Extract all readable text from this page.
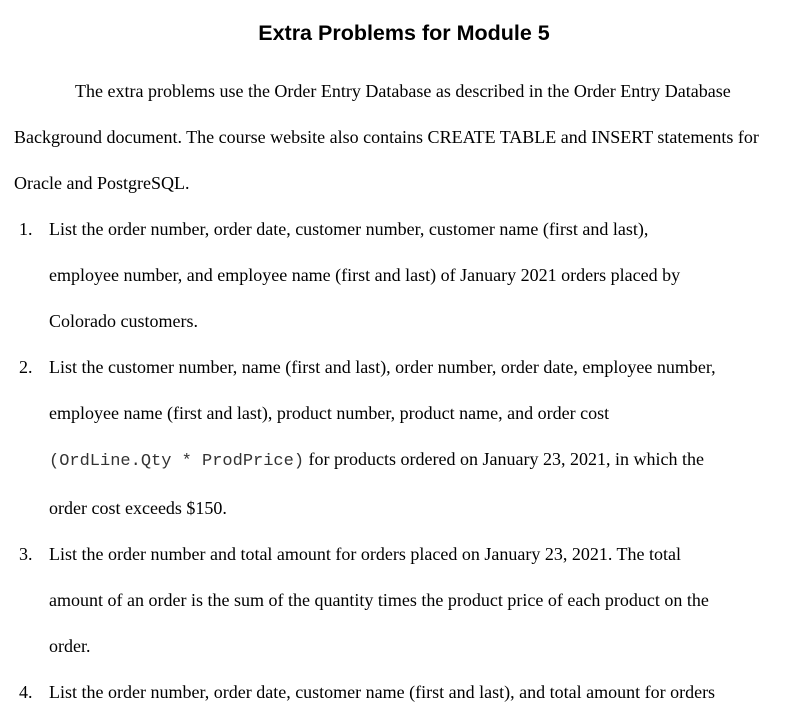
Extra Problems for Module 5

The extra problems use the Order Entry Database as described in the Order Entry Database Background document. The course website also contains CREATE TABLE and INSERT statements for Oracle and PostgreSQL.

1. List the order number, order date, customer number, customer name (first and last),
employee number, and employee name (first and last) of January 2021 orders placed by
Colorado customers.
2. List the customer number, name (first and last), order number, order date, employee number,
employee name (first and last), product number, product name, and order cost
(OrdLine.Qty * ProdPrice) for products ordered on January 23, 2021, in which the
order cost exceeds $150.
3. List the order number and total amount for orders placed on January 23, 2021. The total
amount of an order is the sum of the quantity times the product price of each product on the
order.
4. List the order number, order date, customer name (first and last), and total amount for orders
